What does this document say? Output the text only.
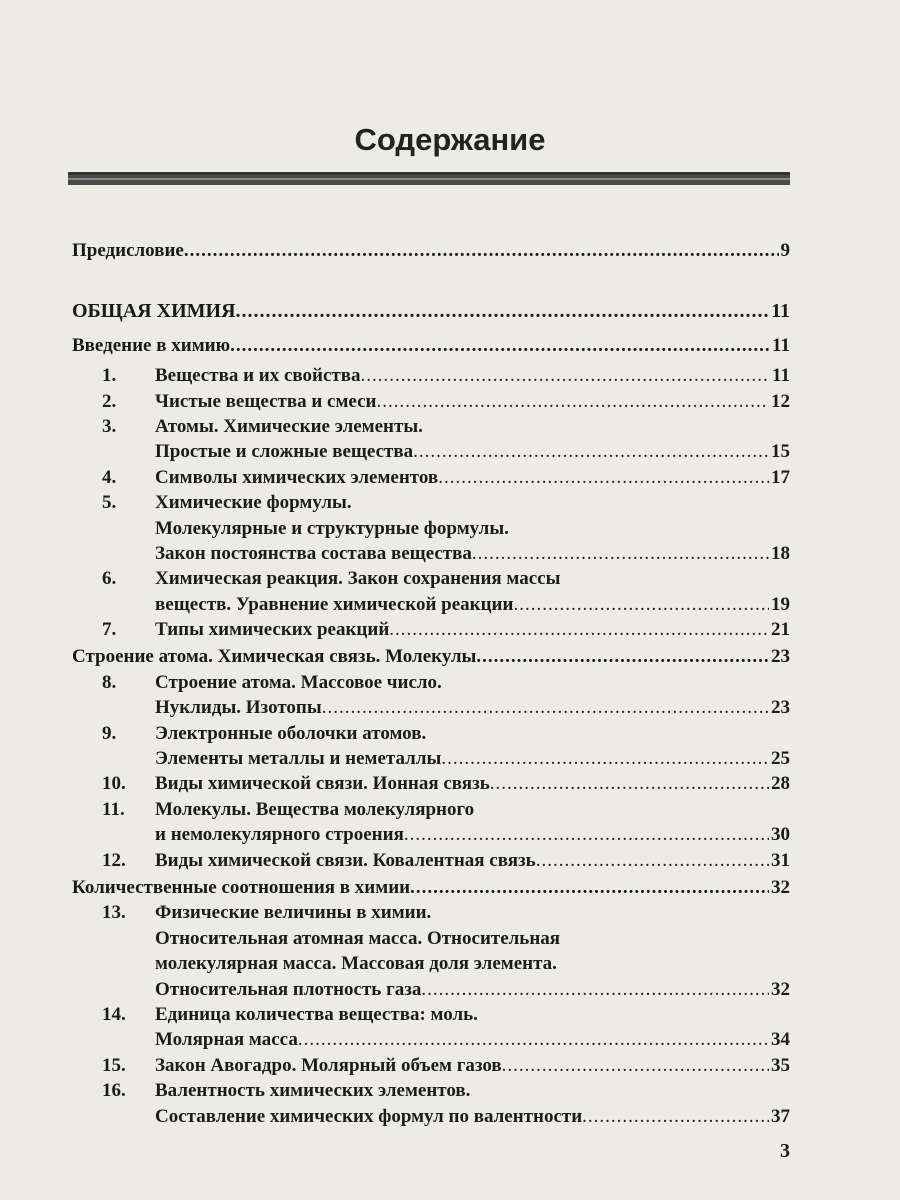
Содержание
Предисловие .....	9
ОБЩАЯ ХИМИЯ .....	11
Введение в химию .....	11
1.	Вещества и их свойства .....	11
2.	Чистые вещества и смеси .....	12
3.	Атомы. Химические элементы.
Простые и сложные вещества .....	15
4.	Символы химических элементов .....	17
5.	Химические формулы.
Молекулярные и структурные формулы.
Закон постоянства состава вещества .....	18
6.	Химическая реакция. Закон сохранения массы
веществ. Уравнение химической реакции .....	19
7.	Типы химических реакций .....	21
Строение атома. Химическая связь. Молекулы .....	23
8.	Строение атома. Массовое число.
Нуклиды. Изотопы .....	23
9.	Электронные оболочки атомов.
Элементы металлы и неметаллы .....	25
10.	Виды химической связи. Ионная связь .....	28
11.	Молекулы. Вещества молекулярного
и немолекулярного строения .....	30
12.	Виды химической связи. Ковалентная связь .....	31
Количественные соотношения в химии .....	32
13.	Физические величины в химии.
Относительная атомная масса. Относительная
молекулярная масса. Массовая доля элемента.
Относительная плотность газа .....	32
14.	Единица количества вещества: моль.
Молярная масса .....	34
15.	Закон Авогадро. Молярный объем газов .....	35
16.	Валентность химических элементов.
Составление химических формул по валентности .....	37
3
